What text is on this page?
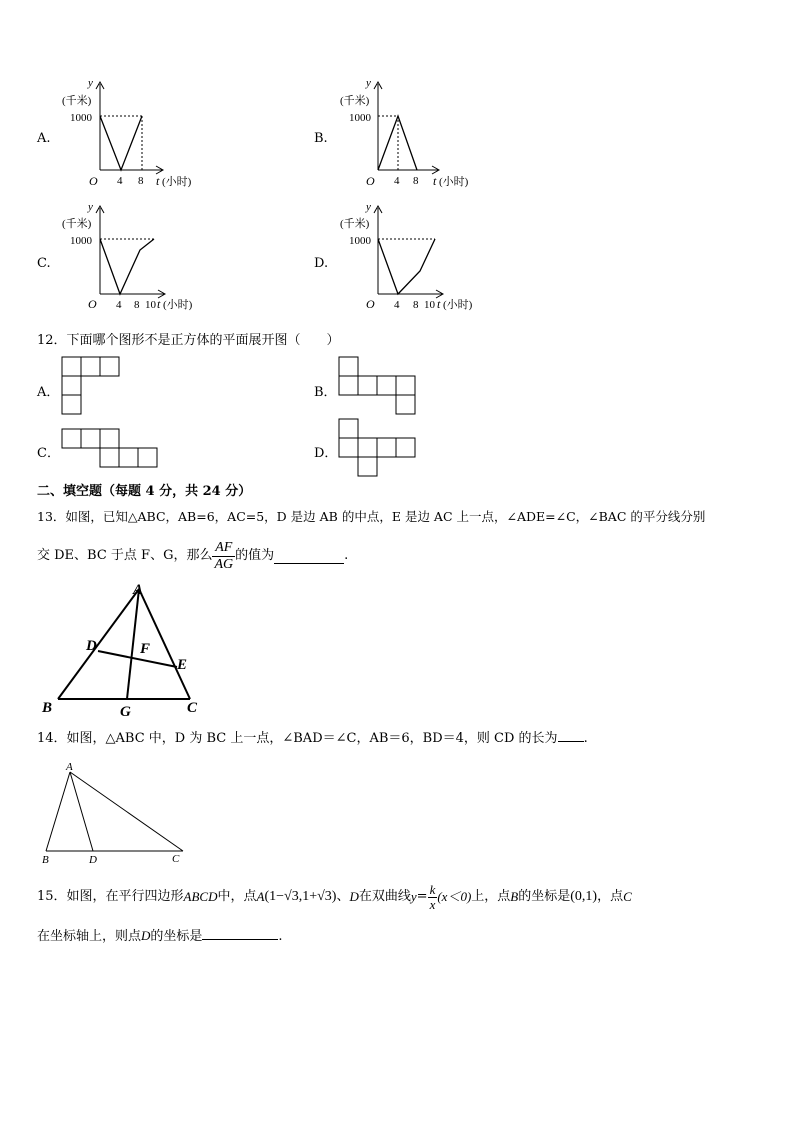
A.
y
(千米)
1000
O 4 8 t (小时)
B.
y
(千米)
1000
O 4 8 t (小时)
C.
y
(千米)
1000
O 4 8 10 t (小时)
D.
y
(千米)
1000
O 4 8 10 t (小时)
12．下面哪个图形不是正方体的平面展开图（　　）
A．	B．
C．	D．
二、填空题（每题 4 分，共 24 分）
13．如图，已知△ABC，AB=6，AC=5，D 是边 AB 的中点，E 是边 AC 上一点，∠ADE=∠C，∠BAC 的平分线分别
交 DE、BC 于点 F、G，那么 $\frac{AF}{AG}$ 的值为	.
A
D	F
E
B	G	C
14．如图，△ABC 中，D 为 BC 上一点，∠BAD＝∠C，AB＝6，BD＝4，则 CD 的长为 .
A
B	D	C
15．如图，在平行四边形 ABCD 中，点 A (1−√3,1+√3) 、 D 在双曲线 $y = \frac{k}{x} (x<0)$ 上，点 B 的坐标是 (0,1) ，点 C
在坐标轴上，则点D的坐标是	.
